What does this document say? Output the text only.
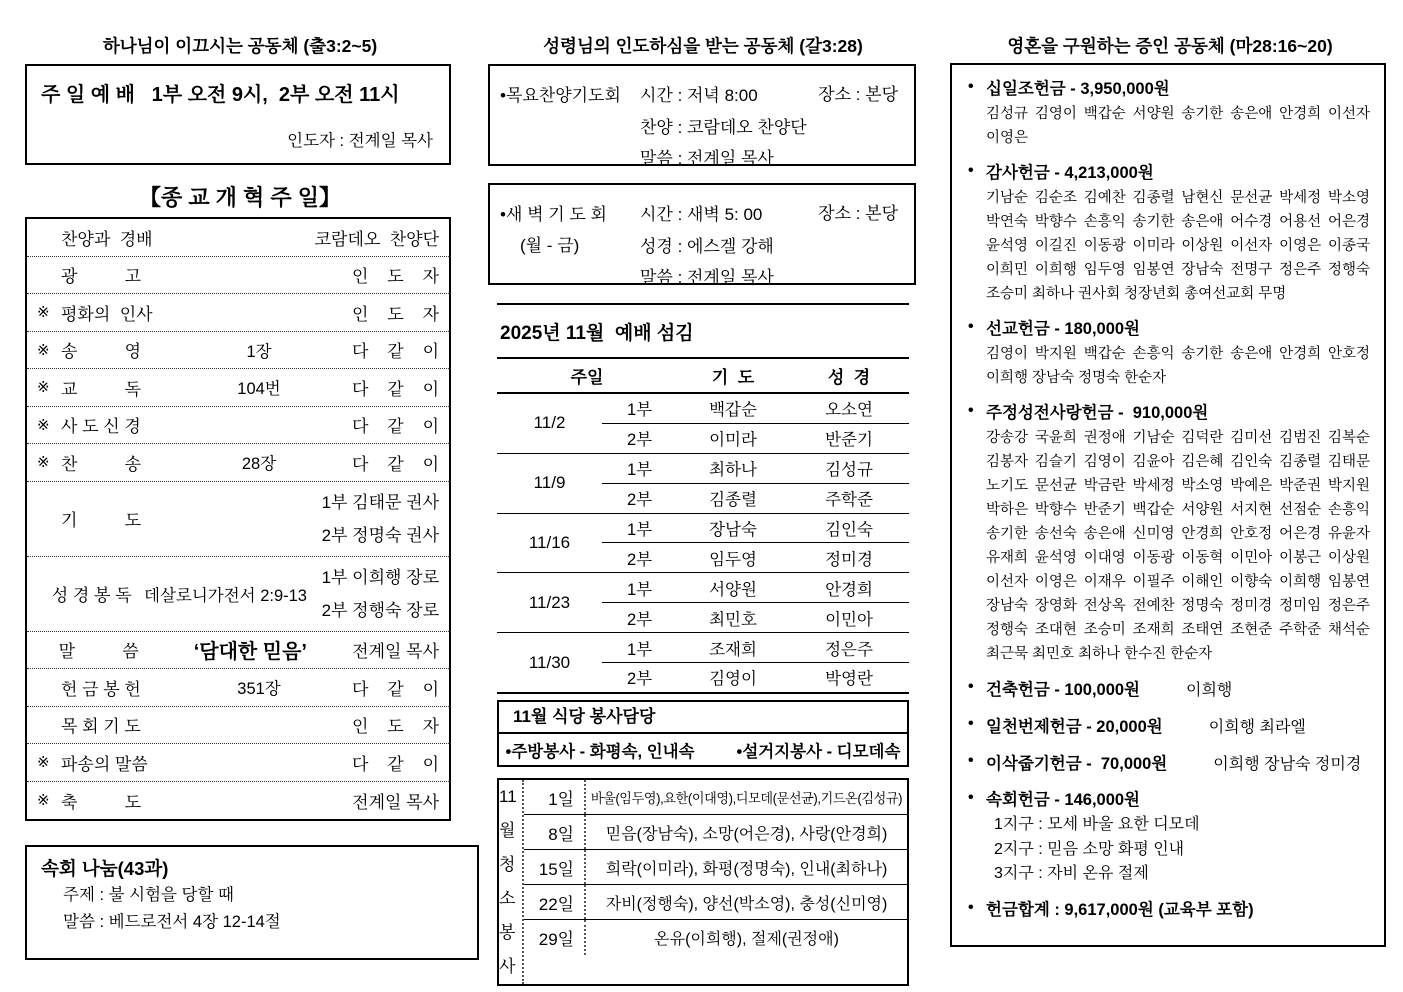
하나님이 이끄시는 공동체 (출3:2~5)
주 일 예 배   1부 오전 9시,  2부 오전 11시
인도자 : 전계일 목사
【종 교 개 혁 주 일】
찬양과  경배	코람데오  찬양단
광          고	인    도    자
※ 평화의  인사	인    도    자
※ 송          영	1장	다    같    이
※ 교          독	104번	다    같    이
※ 사 도 신 경	다    같    이
※ 찬          송	28장	다    같    이
기          도
1부 김태문 권사
2부 정명숙 권사
성 경 봉 독 데살로니가전서 2:9-13
1부 이희행 장로
2부 정행숙 장로
말          씀	‘담대한 믿음’	전계일 목사
헌 금 봉 헌	351장	다    같    이
목 회 기 도	인    도    자
※ 파송의 말씀	다    같    이
※ 축          도	전계일 목사
속회 나눔(43과)
주제 : 불 시험을 당할 때
말씀 : 베드로전서 4장 12-14절
성령님의 인도하심을 받는 공동체 (갈3:28)
•목요찬양기도회 시간 : 저녁 8:00
찬양 : 코람데오 찬양단
말씀 : 전계일 목사
장소 : 본당
•새 벽 기 도 회
(월 - 금)
시간 : 새벽 5: 00
성경 : 에스겔 강해
말씀 : 전계일 목사
장소 : 본당
2025년 11월  예배 섬김
주일	기  도	성  경
11/2
1부	백갑순	오소연
2부	이미라	반준기
11/9
1부	최하나	김성규
2부	김종렬	주학준
11/16
1부	장남숙	김인숙
2부	임두영	정미경
11/23
1부	서양원	안경희
2부	최민호	이민아
11/30
1부	조재희	정은주
2부	김영이	박영란
11월 식당 봉사담당
•주방봉사 - 화평속, 인내속	•설거지봉사 - 디모데속
11월
청소
봉사
1일	바울(임두영),요한(이대영),디모데(문선균),기드온(김성규)
8일	믿음(장남숙), 소망(어은경), 사랑(안경희)
15일	희락(이미라), 화평(정명숙), 인내(최하나)
22일	자비(정행숙), 양선(박소영), 충성(신미영)
29일	온유(이희행), 절제(권정애)
영혼을 구원하는 증인 공동체 (마28:16~20)
• 십일조헌금 - 3,950,000원
김성규 김영이 백갑순 서양원 송기한 송은애 안경희 이선자 이영은
• 감사헌금 - 4,213,000원
기남순 김순조 김예찬 김종렬 남현신 문선균 박세정 박소영 박연숙 박향수 손흥익 송기한 송은애 어수경 어용선 어은경 윤석영 이길진 이동광 이미라 이상원 이선자 이영은 이종국 이희민 이희행 임두영 임봉연 장남숙 전명구 정은주 정행숙 조승미 최하나 권사회 청장년회 총여선교회 무명
• 선교헌금 - 180,000원
김영이 박지원 백갑순 손흥익 송기한 송은애 안경희 안호정 이희행 장남숙 정명숙 한순자
• 주정성전사랑헌금 -  910,000원
강송강 국윤희 권정애 기남순 김덕란 김미선 김범진 김복순 김봉자 김슬기 김영이 김윤아 김은혜 김인숙 김종렬 김태문 노기도 문선균 박금란 박세정 박소영 박예은 박준권 박지원 박하은 박향수 반준기 백갑순 서양원 서지현 선점순 손흥익 송기한 송선숙 송은애 신미영 안경희 안호정 어은경 유윤자 유재희 윤석영 이대영 이동광 이동혁 이민아 이봉근 이상원 이선자 이영은 이재우 이필주 이해인 이향숙 이희행 임봉연 장남숙 장영화 전상옥 전예찬 정명숙 정미경 정미임 정은주 정행숙 조대현 조승미 조재희 조태연 조현준 주학준 채석순 최근묵 최민호 최하나 한수진 한순자
• 건축헌금 - 100,000원	이희행
• 일천번제헌금 - 20,000원	이희행 최라엘
• 이삭줍기헌금 -  70,000원	이희행 장남숙 정미경
• 속회헌금 - 146,000원
1지구 : 모세 바울 요한 디모데
2지구 : 믿음 소망 화평 인내
3지구 : 자비 온유 절제
• 헌금합계 : 9,617,000원 (교육부 포함)
